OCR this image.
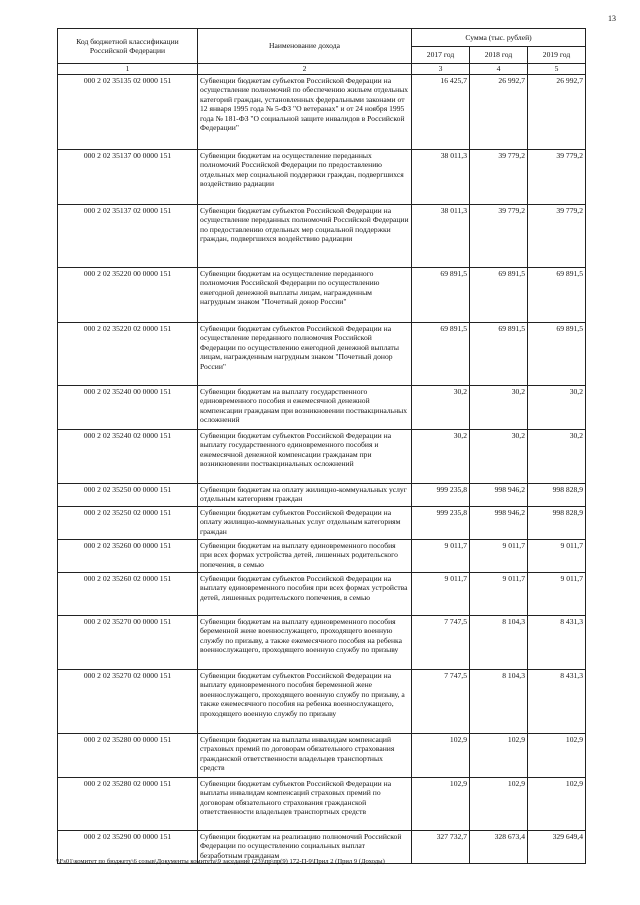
13
Код бюджетной классификации Российской Федерации	Наименование дохода	Сумма (тыс. рублей)		
		2017 год	2018 год	2019 год
1	2	3	4	5
000 2 02 35135 02 0000 151	Субвенции бюджетам субъектов Российской Федерации на осуществление полномочий по обеспечению жильем отдельных категорий граждан, установленных федеральными законами от 12 января 1995 года № 5-ФЗ "О ветеранах" и от 24 ноября 1995 года № 181-ФЗ "О социальной защите инвалидов в Российской Федерации"	16 425,7	26 992,7	26 992,7
000 2 02 35137 00 0000 151	Субвенции бюджетам на осуществление переданных полномочий Российской Федерации по предоставлению отдельных мер социальной поддержки граждан, подвергшихся воздействию радиации	38 011,3	39 779,2	39 779,2
000 2 02 35137 02 0000 151	Субвенции бюджетам субъектов Российской Федерации на осуществление переданных полномочий Российской Федерации по предоставлению отдельных мер социальной поддержки граждан, подвергшихся воздействию радиации	38 011,3	39 779,2	39 779,2
000 2 02 35220 00 0000 151	Субвенции бюджетам на осуществление переданного полномочия Российской Федерации по осуществлению ежегодной денежной выплаты лицам, награжденным нагрудным знаком "Почетный донор России"	69 891,5	69 891,5	69 891,5
000 2 02 35220 02 0000 151	Субвенции бюджетам субъектов Российской Федерации на осуществление переданного полномочия Российской Федерации по осуществлению ежегодной денежной выплаты лицам, награжденным нагрудным знаком "Почетный донор России"	69 891,5	69 891,5	69 891,5
000 2 02 35240 00 0000 151	Субвенции бюджетам на выплату государственного единовременного пособия и ежемесячной денежной компенсации гражданам при возникновении поствакцинальных осложнений	30,2	30,2	30,2
000 2 02 35240 02 0000 151	Субвенции бюджетам субъектов Российской Федерации на выплату государственного единовременного пособия и ежемесячной денежной компенсации гражданам при возникновении поствакцинальных осложнений	30,2	30,2	30,2
000 2 02 35250 00 0000 151	Субвенции бюджетам на оплату жилищно-коммунальных услуг отдельным категориям граждан	999 235,8	998 946,2	998 828,9
000 2 02 35250 02 0000 151	Субвенции бюджетам субъектов Российской Федерации на оплату жилищно-коммунальных услуг отдельным категориям граждан	999 235,8	998 946,2	998 828,9
000 2 02 35260 00 0000 151	Субвенции бюджетам на выплату единовременного пособия при всех формах устройства детей, лишенных родительского попечения, в семью	9 011,7	9 011,7	9 011,7
000 2 02 35260 02 0000 151	Субвенции бюджетам субъектов Российской Федерации на выплату единовременного пособия при всех формах устройства детей, лишенных родительского попечения, в семью	9 011,7	9 011,7	9 011,7
000 2 02 35270 00 0000 151	Субвенции бюджетам на выплату единовременного пособия беременной жене военнослужащего, проходящего военную службу по призыву, а также ежемесячного пособия на ребенка военнослужащего, проходящего военную службу по призыву	7 747,5	8 104,3	8 431,3
000 2 02 35270 02 0000 151	Субвенции бюджетам субъектов Российской Федерации на выплату единовременного пособия беременной жене военнослужащего, проходящего военную службу по призыву, а также ежемесячного пособия на ребенка военнослужащего, проходящего военную службу по призыву	7 747,5	8 104,3	8 431,3
000 2 02 35280 00 0000 151	Субвенции бюджетам на выплаты инвалидам компенсаций страховых премий по договорам обязательного страхования гражданской ответственности владельцев транспортных средств	102,9	102,9	102,9
000 2 02 35280 02 0000 151	Субвенции бюджетам субъектов Российской Федерации на выплаты инвалидам компенсаций страховых премий по договорам обязательного страхования гражданской ответственности владельцев транспортных средств	102,9	102,9	102,9
000 2 02 35290 00 0000 151	Субвенции бюджетам на реализацию полномочий Российской Федерации по осуществлению социальных выплат безработным гражданам	327 732,7	328 673,4	329 649,4
\\Fs01\комитет по бюджету\6 созыв\Документы комитета\9 заседание (23)\пр\пр(9) 172-П-9\Прил 2 (Прил 9 (Доходы)
